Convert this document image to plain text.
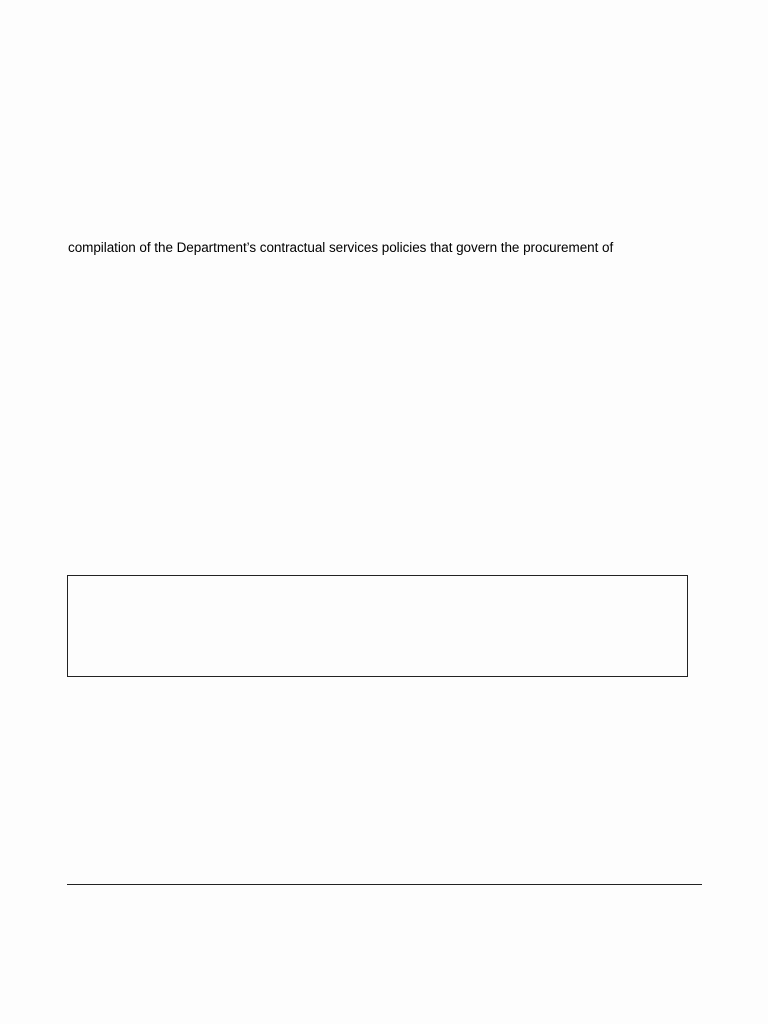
compilation of the Department’s contractual services policies that govern the procurement of
